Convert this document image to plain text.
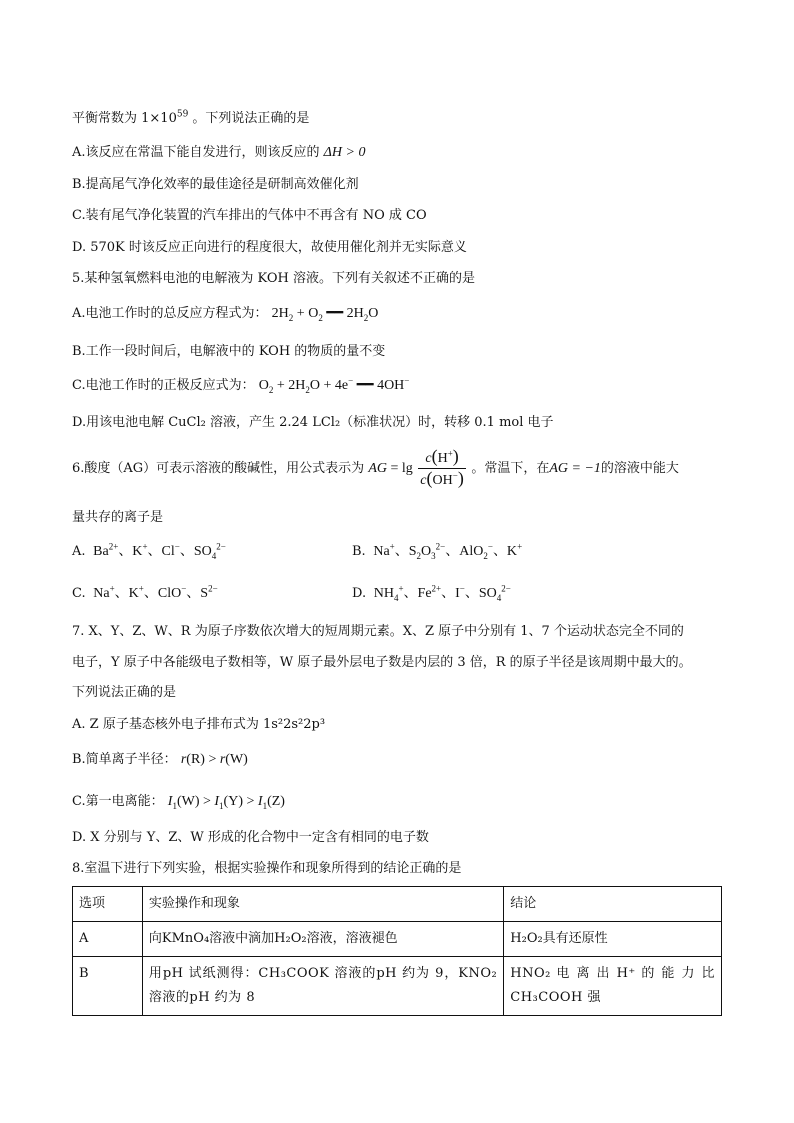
平衡常数为 $1\times 10^{59}$ 。下列说法正确的是
A.该反应在常温下能自发进行，则该反应的 ΔH > 0
B.提高尾气净化效率的最佳途径是研制高效催化剂
C.装有尾气净化装置的汽车排出的气体中不再含有 NO 成 CO
D. 570K 时该反应正向进行的程度很大，故使用催化剂并无实际意义
5.某种氢氧燃料电池的电解液为 KOH 溶液。下列有关叙述不正确的是
A.电池工作时的总反应方程式为： $2H_2 + O_2$ ━━ $2H_2O$
B.工作一段时间后，电解液中的 KOH 的物质的量不变
C.电池工作时的正极反应式为： $O_2 + 2H_2O + 4e^-$ ━━ 4OH−
D.用该电池电解 CuCl₂ 溶液，产生 2.24 LCl₂（标准状况）时，转移 0.1 mol 电子
6.酸度（AG）可表示溶液的酸碱性，用公式表示为 AG = $\lg \frac{c(H^+)}{c(OH^-)}$ 。常温下，在AG = −1的溶液中能大
量共存的离子是
A.  $Ba^{2+}$、K+、Cl−、$SO_4^{2-}$	B.  Na+、$S_2O_3^{2-}$、AlO$_2$−、K+
C.  Na+、K+、ClO−、$S^{2-}$	D.  $NH_4^+$、$Fe^{2+}$、I−、$SO_4^{2-}$
7. X、Y、Z、W、R 为原子序数依次增大的短周期元素。X、Z 原子中分别有 1、7 个运动状态完全不同的
电子，Y 原子中各能级电子数相等，W 原子最外层电子数是内层的 3 倍，R 的原子半径是该周期中最大的。
下列说法正确的是
A. Z 原子基态核外电子排布式为 1s²2s²2p³
B.简单离子半径： r(R) > r(W)
C.第一电离能： $I_1(W) > I_1(Y) > I_1(Z)$
D. X 分别与 Y、Z、W 形成的化合物中一定含有相同的电子数
8.室温下进行下列实验，根据实验操作和现象所得到的结论正确的是
选项	实验操作和现象	结论
A	向KMnO₄溶液中滴加H₂O₂溶液，溶液褪色	H₂O₂具有还原性
B	用pH 试纸测得：CH₃COOK 溶液的pH 约为 9，KNO₂溶液的pH 约为 8	HNO₂ 电 离 出 H⁺ 的 能 力 比 CH₃COOH 强
